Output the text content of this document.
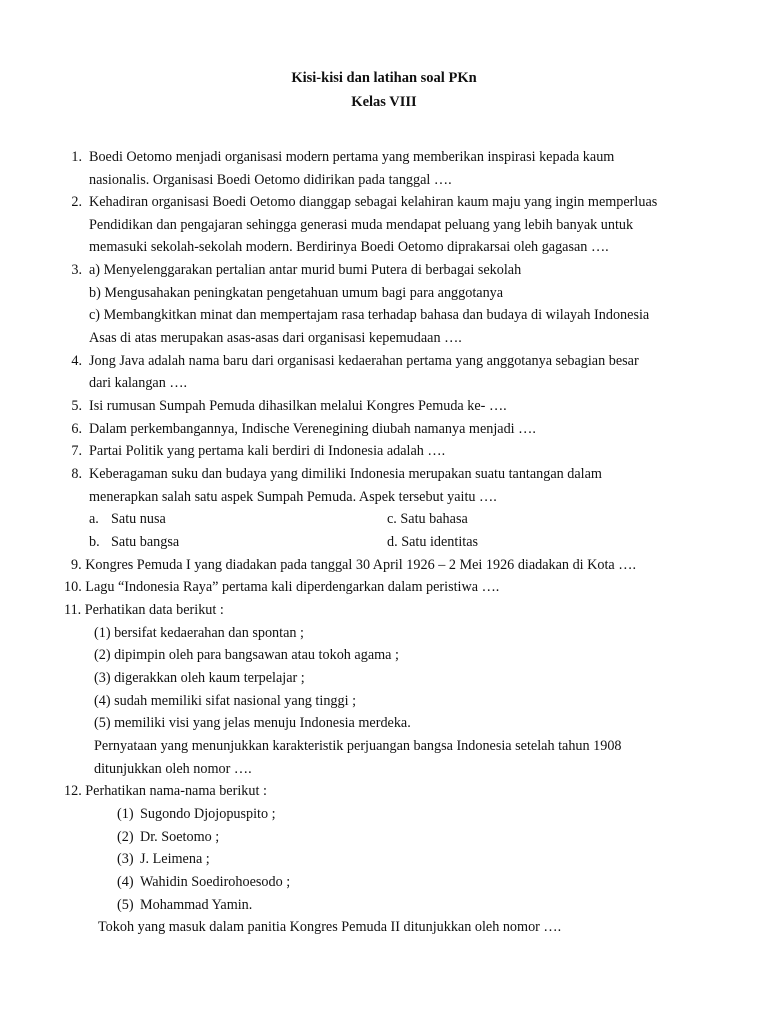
Kisi-kisi dan latihan soal PKn
Kelas VIII
1. Boedi Oetomo menjadi organisasi modern pertama yang memberikan inspirasi kepada kaum
nasionalis. Organisasi Boedi Oetomo didirikan pada tanggal ….
2. Kehadiran organisasi Boedi Oetomo dianggap sebagai kelahiran kaum maju yang ingin memperluas
Pendidikan dan pengajaran sehingga generasi muda mendapat peluang yang lebih banyak untuk
memasuki sekolah-sekolah modern. Berdirinya Boedi Oetomo diprakarsai oleh gagasan ….
3. a) Menyelenggarakan pertalian antar murid bumi Putera di berbagai sekolah
b) Mengusahakan peningkatan pengetahuan umum bagi para anggotanya
c) Membangkitkan minat dan mempertajam rasa terhadap bahasa dan budaya di wilayah Indonesia
Asas di atas merupakan asas-asas dari organisasi kepemudaan ….
4. Jong Java adalah nama baru dari organisasi kedaerahan pertama yang anggotanya sebagian besar
dari kalangan ….
5. Isi rumusan Sumpah Pemuda dihasilkan melalui Kongres Pemuda ke- ….
6. Dalam perkembangannya, Indische Verenegining diubah namanya menjadi ….
7. Partai Politik yang pertama kali berdiri di Indonesia adalah ….
8. Keberagaman suku dan budaya yang dimiliki Indonesia merupakan suatu tantangan dalam
menerapkan salah satu aspek Sumpah Pemuda. Aspek tersebut yaitu ….
a. Satu nusa	c. Satu bahasa
b. Satu bangsa	d. Satu identitas
9. Kongres Pemuda I yang diadakan pada tanggal 30 April 1926 – 2 Mei 1926 diadakan di Kota ….
10. Lagu “Indonesia Raya” pertama kali diperdengarkan dalam peristiwa ….
11. Perhatikan data berikut :
(1) bersifat kedaerahan dan spontan ;
(2) dipimpin oleh para bangsawan atau tokoh agama ;
(3) digerakkan oleh kaum terpelajar ;
(4) sudah memiliki sifat nasional yang tinggi ;
(5) memiliki visi yang jelas menuju Indonesia merdeka.
Pernyataan yang menunjukkan karakteristik perjuangan bangsa Indonesia setelah tahun 1908
ditunjukkan oleh nomor ….
12. Perhatikan nama-nama berikut :
(1) Sugondo Djojopuspito ;
(2) Dr. Soetomo ;
(3) J. Leimena ;
(4) Wahidin Soedirohoesodo ;
(5) Mohammad Yamin.
Tokoh yang masuk dalam panitia Kongres Pemuda II ditunjukkan oleh nomor ….
